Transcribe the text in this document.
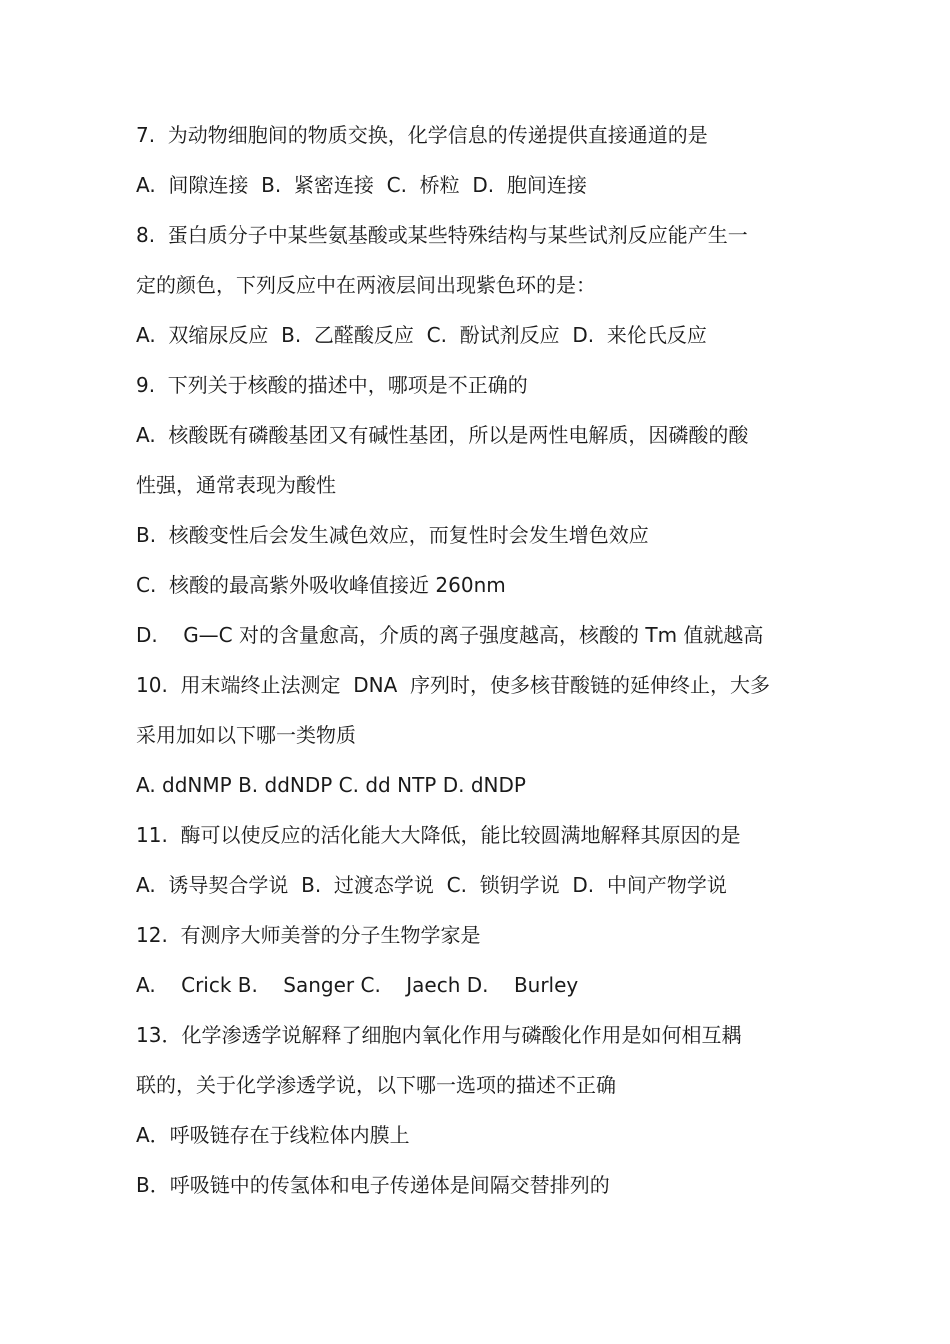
7.  为动物细胞间的物质交换，化学信息的传递提供直接通道的是
A.  间隙连接  B.  紧密连接  C.  桥粒  D.  胞间连接
8.  蛋白质分子中某些氨基酸或某些特殊结构与某些试剂反应能产生一
定的颜色，下列反应中在两液层间出现紫色环的是：
A.  双缩尿反应  B.  乙醛酸反应  C.  酚试剂反应  D.  来伦氏反应
9.  下列关于核酸的描述中，哪项是不正确的
A.  核酸既有磷酸基团又有碱性基团，所以是两性电解质，因磷酸的酸
性强，通常表现为酸性
B.  核酸变性后会发生减色效应，而复性时会发生增色效应
C.  核酸的最高紫外吸收峰值接近 260nm
D.    G—C 对的含量愈高，介质的离子强度越高，核酸的 Tm 值就越高
10.  用末端终止法测定  DNA  序列时，使多核苷酸链的延伸终止，大多
采用加如以下哪一类物质
A. ddNMP B. ddNDP C. dd NTP D. dNDP
11.  酶可以使反应的活化能大大降低，能比较圆满地解释其原因的是
A.  诱导契合学说  B.  过渡态学说  C.  锁钥学说  D.  中间产物学说
12.  有测序大师美誉的分子生物学家是
A.    Crick B.    Sanger C.    Jaech D.    Burley
13．化学渗透学说解释了细胞内氧化作用与磷酸化作用是如何相互耦
联的，关于化学渗透学说，以下哪一选项的描述不正确
A．呼吸链存在于线粒体内膜上
B．呼吸链中的传氢体和电子传递体是间隔交替排列的
